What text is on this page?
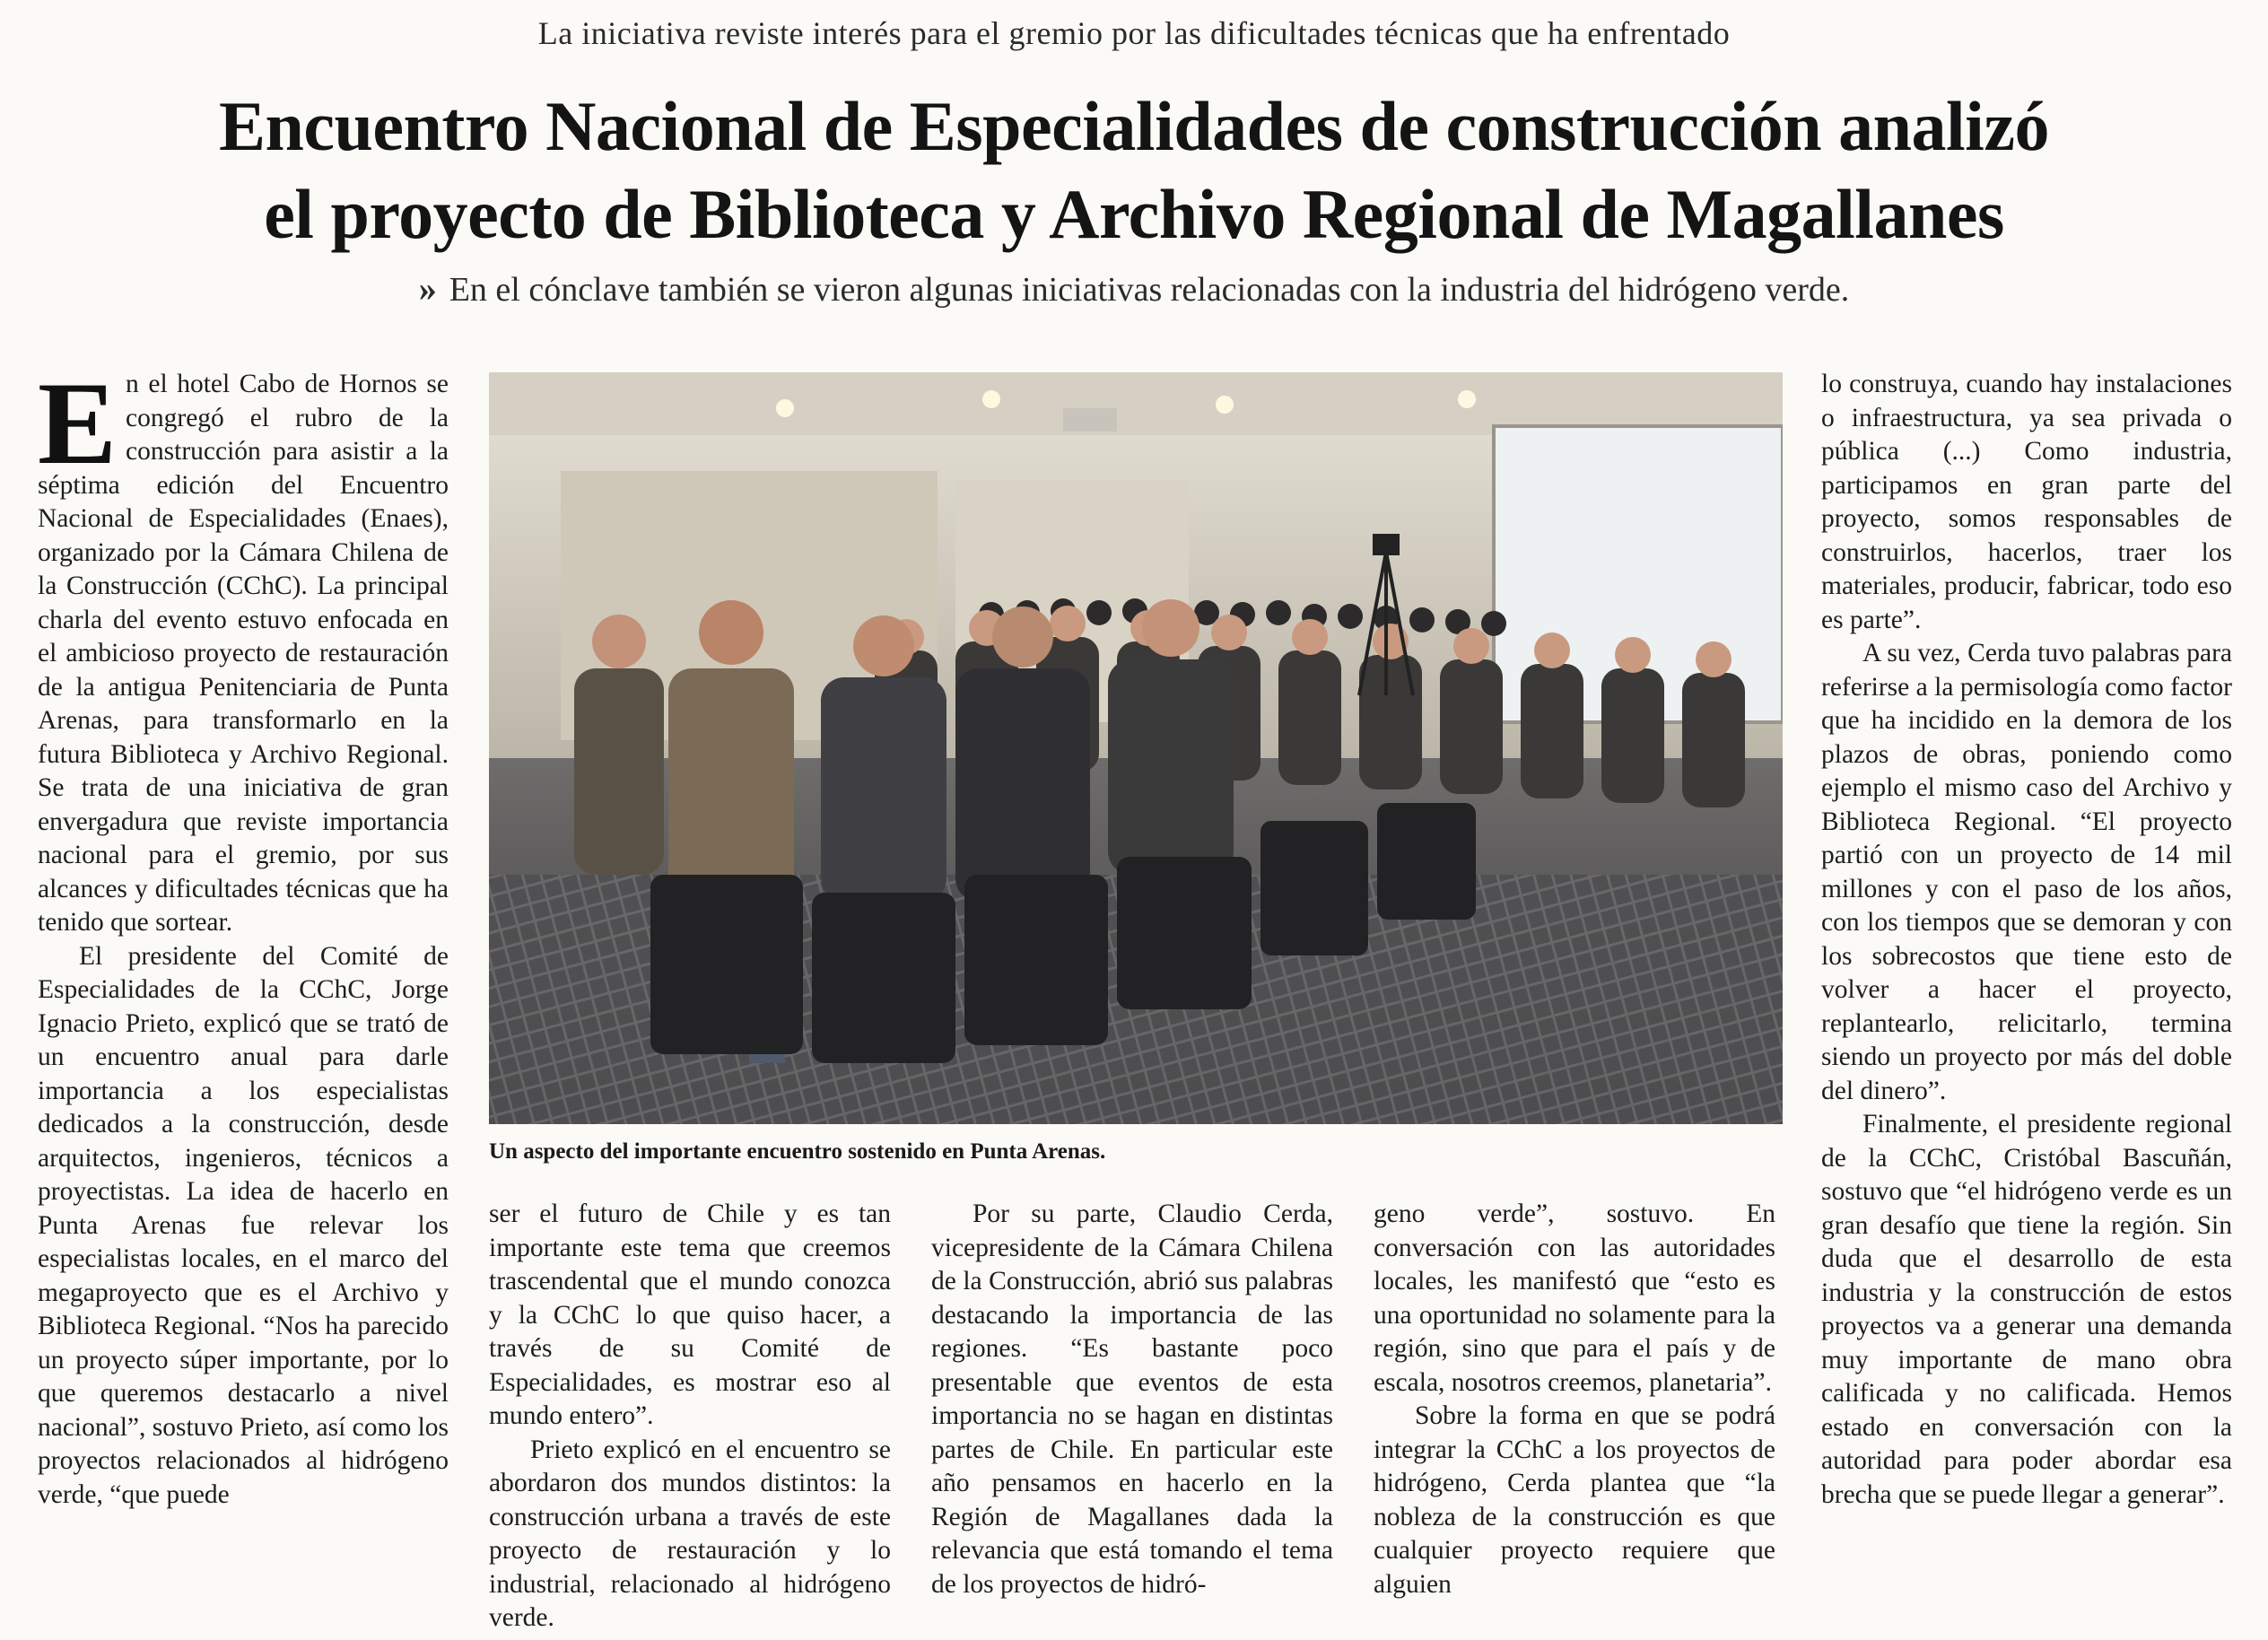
La iniciativa reviste interés para el gremio por las dificultades técnicas que ha enfrentado
Encuentro Nacional de Especialidades de construcción analizó
el proyecto de Biblioteca y Archivo Regional de Magallanes
» En el cónclave también se vieron algunas iniciativas relacionadas con la industria del hidrógeno verde.

En el hotel Cabo de Hornos se congregó el rubro de la construcción para asistir a la séptima edición del Encuentro Nacional de Especialidades (Enaes), organizado por la Cámara Chilena de la Construcción (CChC). La principal charla del evento estuvo enfocada en el ambicioso proyecto de restauración de la antigua Penitenciaria de Punta Arenas, para transformarlo en la futura Biblioteca y Archivo Regional. Se trata de una iniciativa de gran envergadura que reviste importancia nacional para el gremio, por sus alcances y dificultades técnicas que ha tenido que sortear.

El presidente del Comité de Especialidades de la CChC, Jorge Ignacio Prieto, explicó que se trató de un encuentro anual para darle importancia a los especialistas dedicados a la construcción, desde arquitectos, ingenieros, técnicos a proyectistas. La idea de hacerlo en Punta Arenas fue relevar los especialistas locales, en el marco del megaproyecto que es el Archivo y Biblioteca Regional. “Nos ha parecido un proyecto súper importante, por lo que queremos destacarlo a nivel nacional”, sostuvo Prieto, así como los proyectos relacionados al hidrógeno verde, “que puede

Un aspecto del importante encuentro sostenido en Punta Arenas.

ser el futuro de Chile y es tan importante este tema que creemos trascendental que el mundo conozca y la CChC lo que quiso hacer, a través de su Comité de Especialidades, es mostrar eso al mundo entero”.

Prieto explicó en el encuentro se abordaron dos mundos distintos: la construcción urbana a través de este proyecto de restauración y lo industrial, relacionado al hidrógeno verde.

Por su parte, Claudio Cerda, vicepresidente de la Cámara Chilena de la Construcción, abrió sus palabras destacando la importancia de las regiones. “Es bastante poco presentable que eventos de esta importancia no se hagan en distintas partes de Chile. En particular este año pensamos en hacerlo en la Región de Magallanes dada la relevancia que está tomando el tema de los proyectos de hidró-

geno verde”, sostuvo. En conversación con las autoridades locales, les manifestó que “esto es una oportunidad no solamente para la región, sino que para el país y de escala, nosotros creemos, planetaria”.

Sobre la forma en que se podrá integrar la CChC a los proyectos de hidrógeno, Cerda plantea que “la nobleza de la construcción es que cualquier proyecto requiere que alguien

lo construya, cuando hay instalaciones o infraestructura, ya sea privada o pública (...) Como industria, participamos en gran parte del proyecto, somos responsables de construirlos, hacerlos, traer los materiales, producir, fabricar, todo eso es parte”.

A su vez, Cerda tuvo palabras para referirse a la permisología como factor que ha incidido en la demora de los plazos de obras, poniendo como ejemplo el mismo caso del Archivo y Biblioteca Regional. “El proyecto partió con un proyecto de 14 mil millones y con el paso de los años, con los tiempos que se demoran y con los sobrecostos que tiene esto de volver a hacer el proyecto, replantearlo, relicitarlo, termina siendo un proyecto por más del doble del dinero”.

Finalmente, el presidente regional de la CChC, Cristóbal Bascuñán, sostuvo que “el hidrógeno verde es un gran desafío que tiene la región. Sin duda que el desarrollo de esta industria y la construcción de estos proyectos va a generar una demanda muy importante de mano obra calificada y no calificada. Hemos estado en conversación con la autoridad para poder abordar esa brecha que se puede llegar a generar”.
